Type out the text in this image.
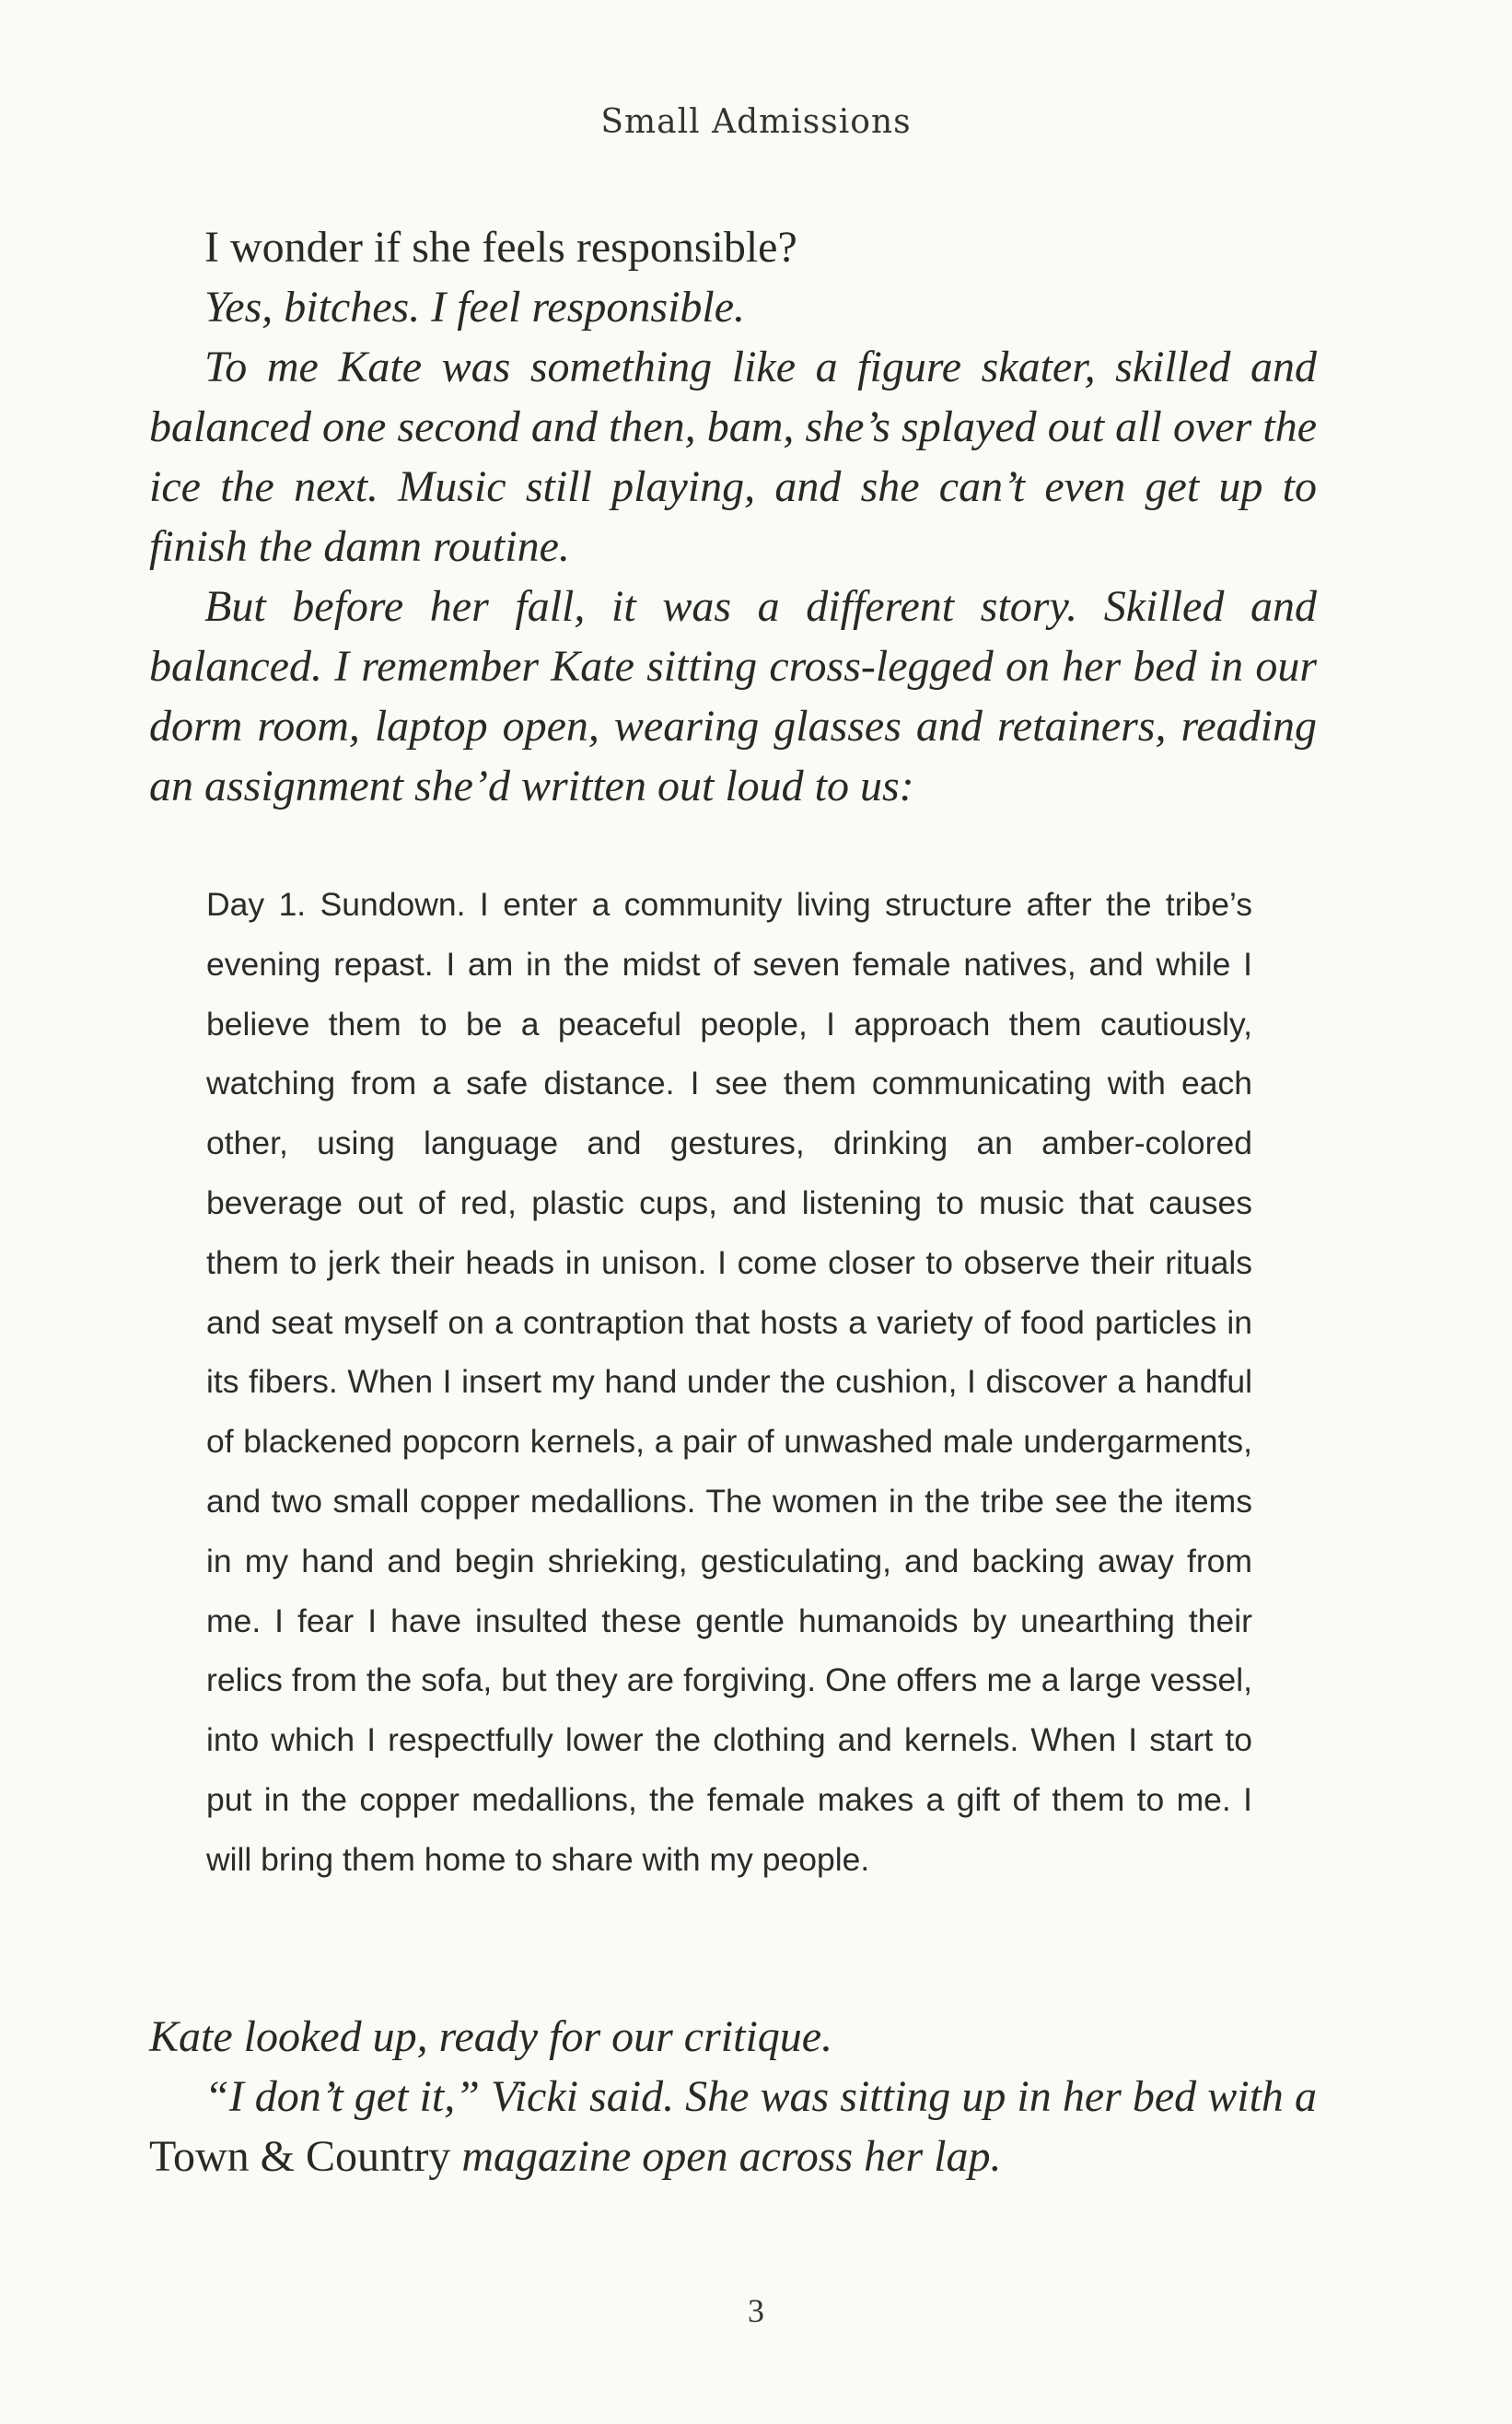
Small Admissions

I wonder if she feels responsible?

Yes, bitches. I feel responsible.

To me Kate was something like a figure skater, skilled and balanced one second and then, bam, she’s splayed out all over the ice the next. Music still playing, and she can’t even get up to finish the damn routine.

But before her fall, it was a different story. Skilled and balanced. I remember Kate sitting cross-legged on her bed in our dorm room, laptop open, wearing glasses and retainers, reading an assignment she’d written out loud to us:

Day 1. Sundown. I enter a community living structure after the tribe’s evening repast. I am in the midst of seven female natives, and while I believe them to be a peaceful people, I approach them cautiously, watching from a safe distance. I see them communicating with each other, using language and gestures, drinking an amber-colored beverage out of red, plastic cups, and listening to music that causes them to jerk their heads in unison. I come closer to observe their rituals and seat myself on a contraption that hosts a variety of food particles in its fibers. When I insert my hand under the cushion, I discover a handful of blackened popcorn kernels, a pair of unwashed male undergarments, and two small copper medallions. The women in the tribe see the items in my hand and begin shrieking, gesticulating, and backing away from me. I fear I have insulted these gentle humanoids by unearthing their relics from the sofa, but they are forgiving. One offers me a large vessel, into which I respectfully lower the clothing and kernels. When I start to put in the copper medallions, the female makes a gift of them to me. I will bring them home to share with my people.

Kate looked up, ready for our critique.

“I don’t get it,” Vicki said. She was sitting up in her bed with a Town & Country magazine open across her lap.

3
